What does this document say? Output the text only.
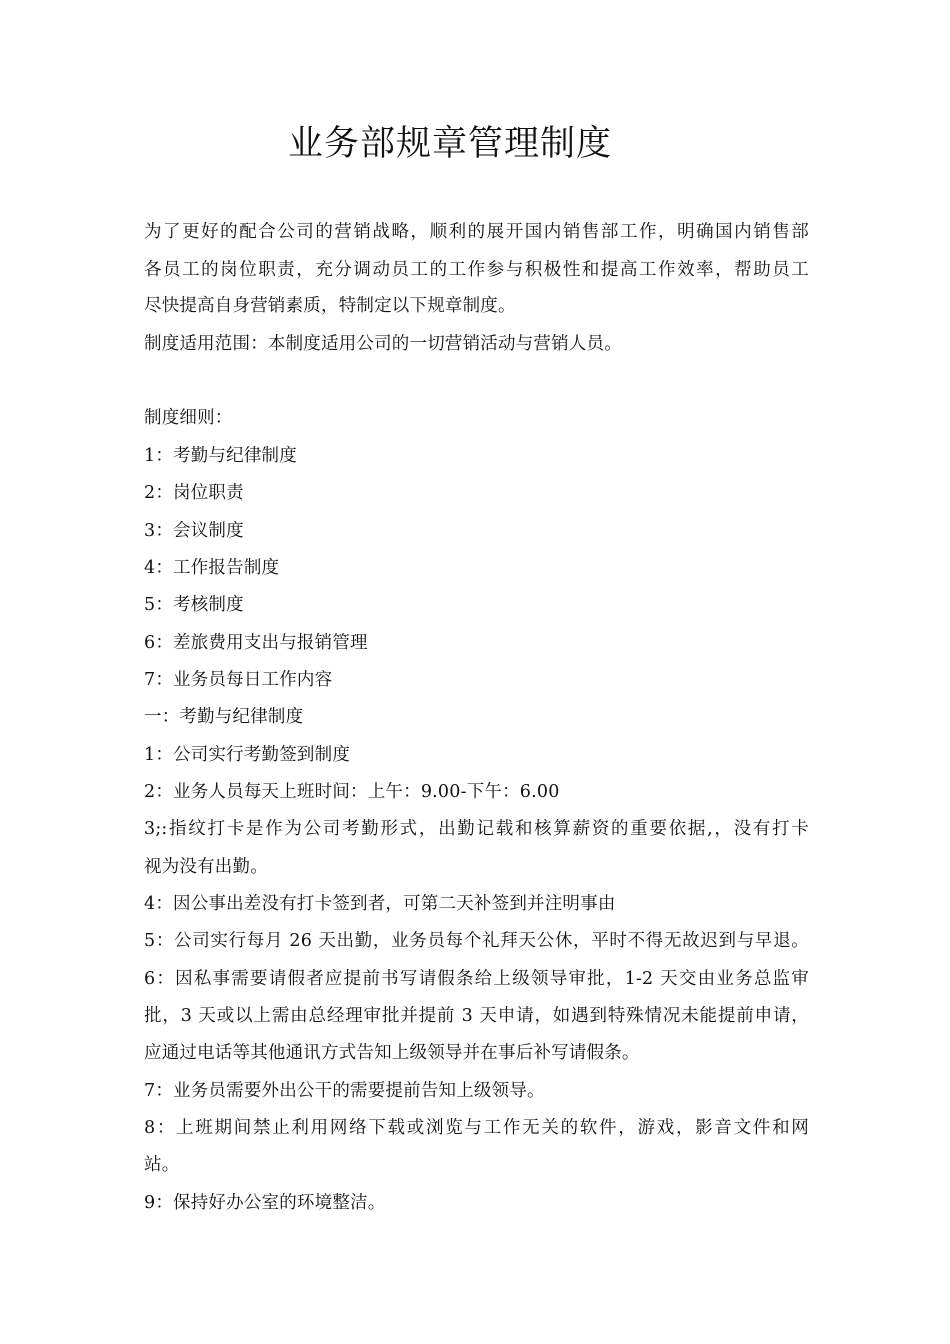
业务部规章管理制度
为了更好的配合公司的营销战略，顺利的展开国内销售部工作，明确国内销售部
各员工的岗位职责，充分调动员工的工作参与积极性和提高工作效率，帮助员工
尽快提高自身营销素质，特制定以下规章制度。
制度适用范围：本制度适用公司的一切营销活动与营销人员。
制度细则：
1：考勤与纪律制度
2：岗位职责
3：会议制度
4：工作报告制度
5：考核制度
6：差旅费用支出与报销管理
7：业务员每日工作内容
一：考勤与纪律制度
1：公司实行考勤签到制度
2：业务人员每天上班时间：上午：9.00-下午：6.00
3;:指纹打卡是作为公司考勤形式，出勤记载和核算薪资的重要依据,，没有打卡
视为没有出勤。
4：因公事出差没有打卡签到者，可第二天补签到并注明事由
5：公司实行每月 26 天出勤，业务员每个礼拜天公休，平时不得无故迟到与早退。
6：因私事需要请假者应提前书写请假条给上级领导审批，1-2 天交由业务总监审
批，3 天或以上需由总经理审批并提前 3 天申请，如遇到特殊情况未能提前申请，
应通过电话等其他通讯方式告知上级领导并在事后补写请假条。
7：业务员需要外出公干的需要提前告知上级领导。
8：上班期间禁止利用网络下载或浏览与工作无关的软件，游戏，影音文件和网
站。
9：保持好办公室的环境整洁。
